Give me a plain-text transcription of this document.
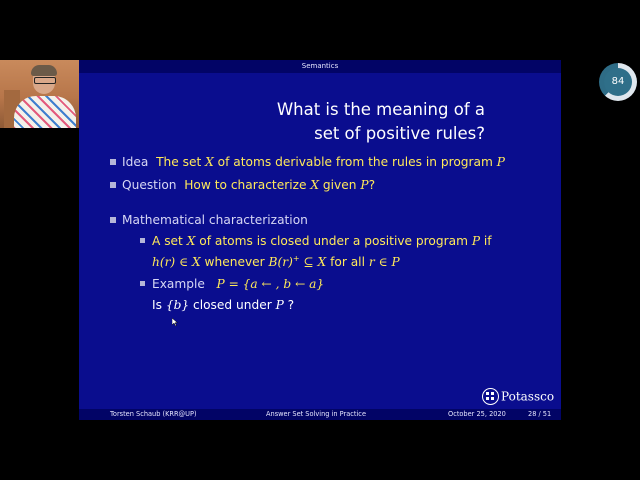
Semantics
What is the meaning of a
set of positive rules?
Idea The set X of atoms derivable from the rules in program P
Question How to characterize X given P?
Mathematical characterization
A set X of atoms is closed under a positive program P if
h(r) ∈ X whenever B(r)+ ⊆ X for all r ∈ P
Example P = {a ← , b ← a}
Is {b} closed under P ?
Potassco
Torsten Schaub (KRR@UP)	Answer Set Solving in Practice	October 25, 2020	28 / 51
84
